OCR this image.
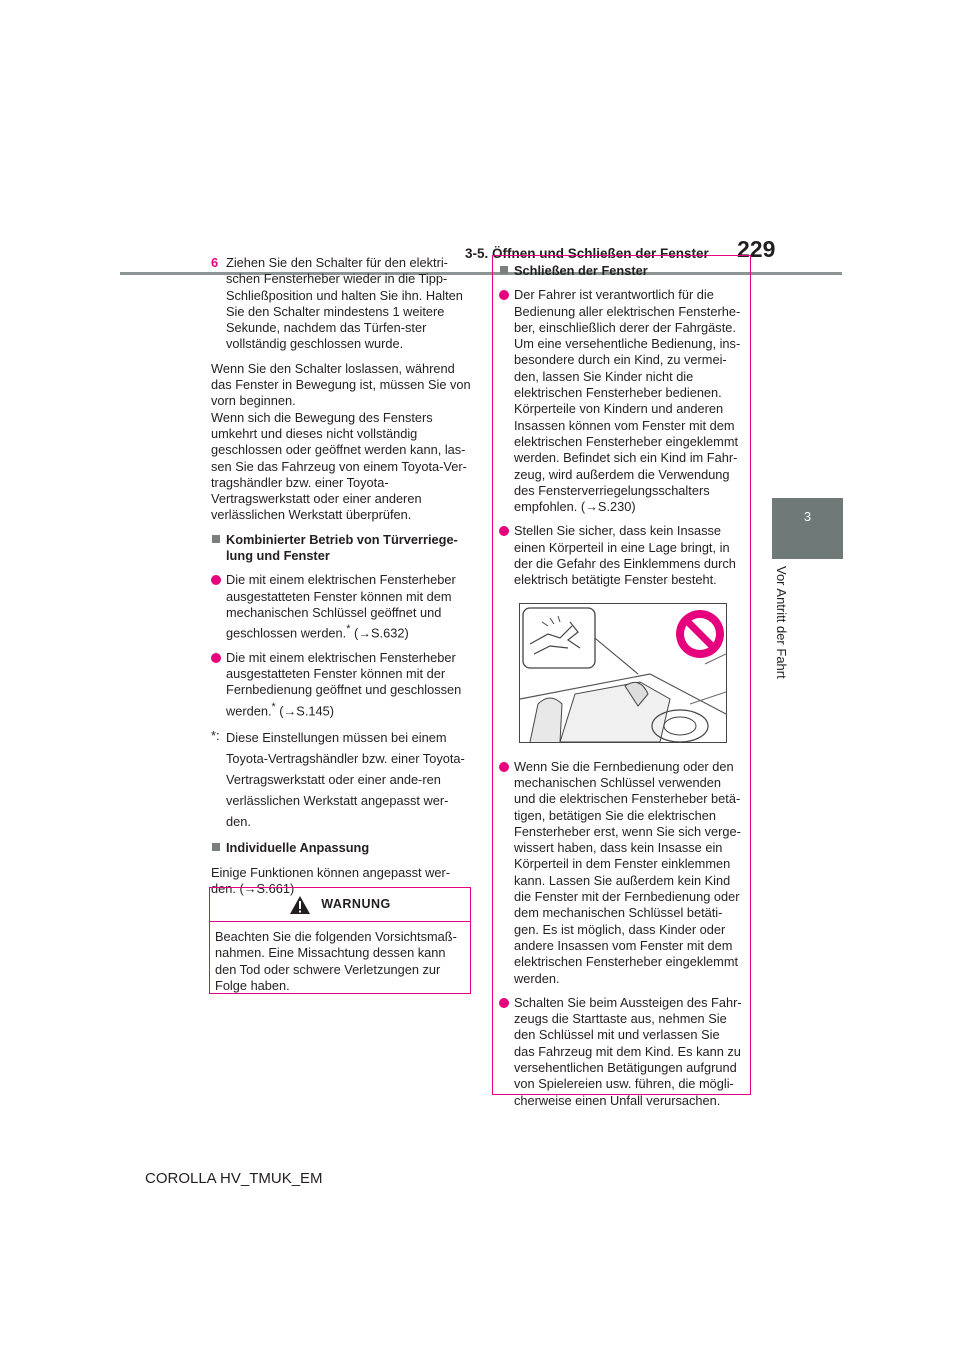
3-5. Öffnen und Schließen der Fenster 229
3
Vor Antritt der Fahrt
6 Ziehen Sie den Schalter für den elektri-schen Fensterheber wieder in die Tipp-Schließposition und halten Sie ihn. Halten Sie den Schalter mindestens 1 weitere Sekunde, nachdem das Türfen-ster vollständig geschlossen wurde.

Wenn Sie den Schalter loslassen, während das Fenster in Bewegung ist, müssen Sie von vorn beginnen.

Wenn sich die Bewegung des Fensters umkehrt und dieses nicht vollständig geschlossen oder geöffnet werden kann, las-sen Sie das Fahrzeug von einem Toyota-Ver-tragshändler bzw. einer Toyota-Vertragswerkstatt oder einer anderen verlässlichen Werkstatt überprüfen.

Kombinierter Betrieb von Türverriege-lung und Fenster
Die mit einem elektrischen Fensterheber ausgestatteten Fenster können mit dem mechanischen Schlüssel geöffnet und geschlossen werden.* (→S.632)
Die mit einem elektrischen Fensterheber ausgestatteten Fenster können mit der Fernbedienung geöffnet und geschlossen werden.* (→S.145)
*: Diese Einstellungen müssen bei einem Toyota-Vertragshändler bzw. einer Toyota-Vertragswerkstatt oder einer ande-ren verlässlichen Werkstatt angepasst wer-den.
Individuelle Anpassung

Einige Funktionen können angepasst wer-den. (→S.661)

WARNUNG
Beachten Sie die folgenden Vorsichtsmaß-nahmen. Eine Missachtung dessen kann den Tod oder schwere Verletzungen zur Folge haben.
Schließen der Fenster
Der Fahrer ist verantwortlich für die Bedienung aller elektrischen Fensterhe-ber, einschließlich derer der Fahrgäste. Um eine versehentliche Bedienung, ins-besondere durch ein Kind, zu vermei-den, lassen Sie Kinder nicht die elektrischen Fensterheber bedienen. Körperteile von Kindern und anderen Insassen können vom Fenster mit dem elektrischen Fensterheber eingeklemmt werden. Befindet sich ein Kind im Fahr-zeug, wird außerdem die Verwendung des Fensterverriegelungsschalters empfohlen. (→S.230)
Stellen Sie sicher, dass kein Insasse einen Körperteil in eine Lage bringt, in der die Gefahr des Einklemmens durch elektrisch betätigte Fenster besteht.
Wenn Sie die Fernbedienung oder den mechanischen Schlüssel verwenden und die elektrischen Fensterheber betä-tigen, betätigen Sie die elektrischen Fensterheber erst, wenn Sie sich verge-wissert haben, dass kein Insasse ein Körperteil in dem Fenster einklemmen kann. Lassen Sie außerdem kein Kind die Fenster mit der Fernbedienung oder dem mechanischen Schlüssel betäti-gen. Es ist möglich, dass Kinder oder andere Insassen vom Fenster mit dem elektrischen Fensterheber eingeklemmt werden.
Schalten Sie beim Aussteigen des Fahr-zeugs die Starttaste aus, nehmen Sie den Schlüssel mit und verlassen Sie das Fahrzeug mit dem Kind. Es kann zu versehentlichen Betätigungen aufgrund von Spielereien usw. führen, die mögli-cherweise einen Unfall verursachen.
COROLLA HV_TMUK_EM
